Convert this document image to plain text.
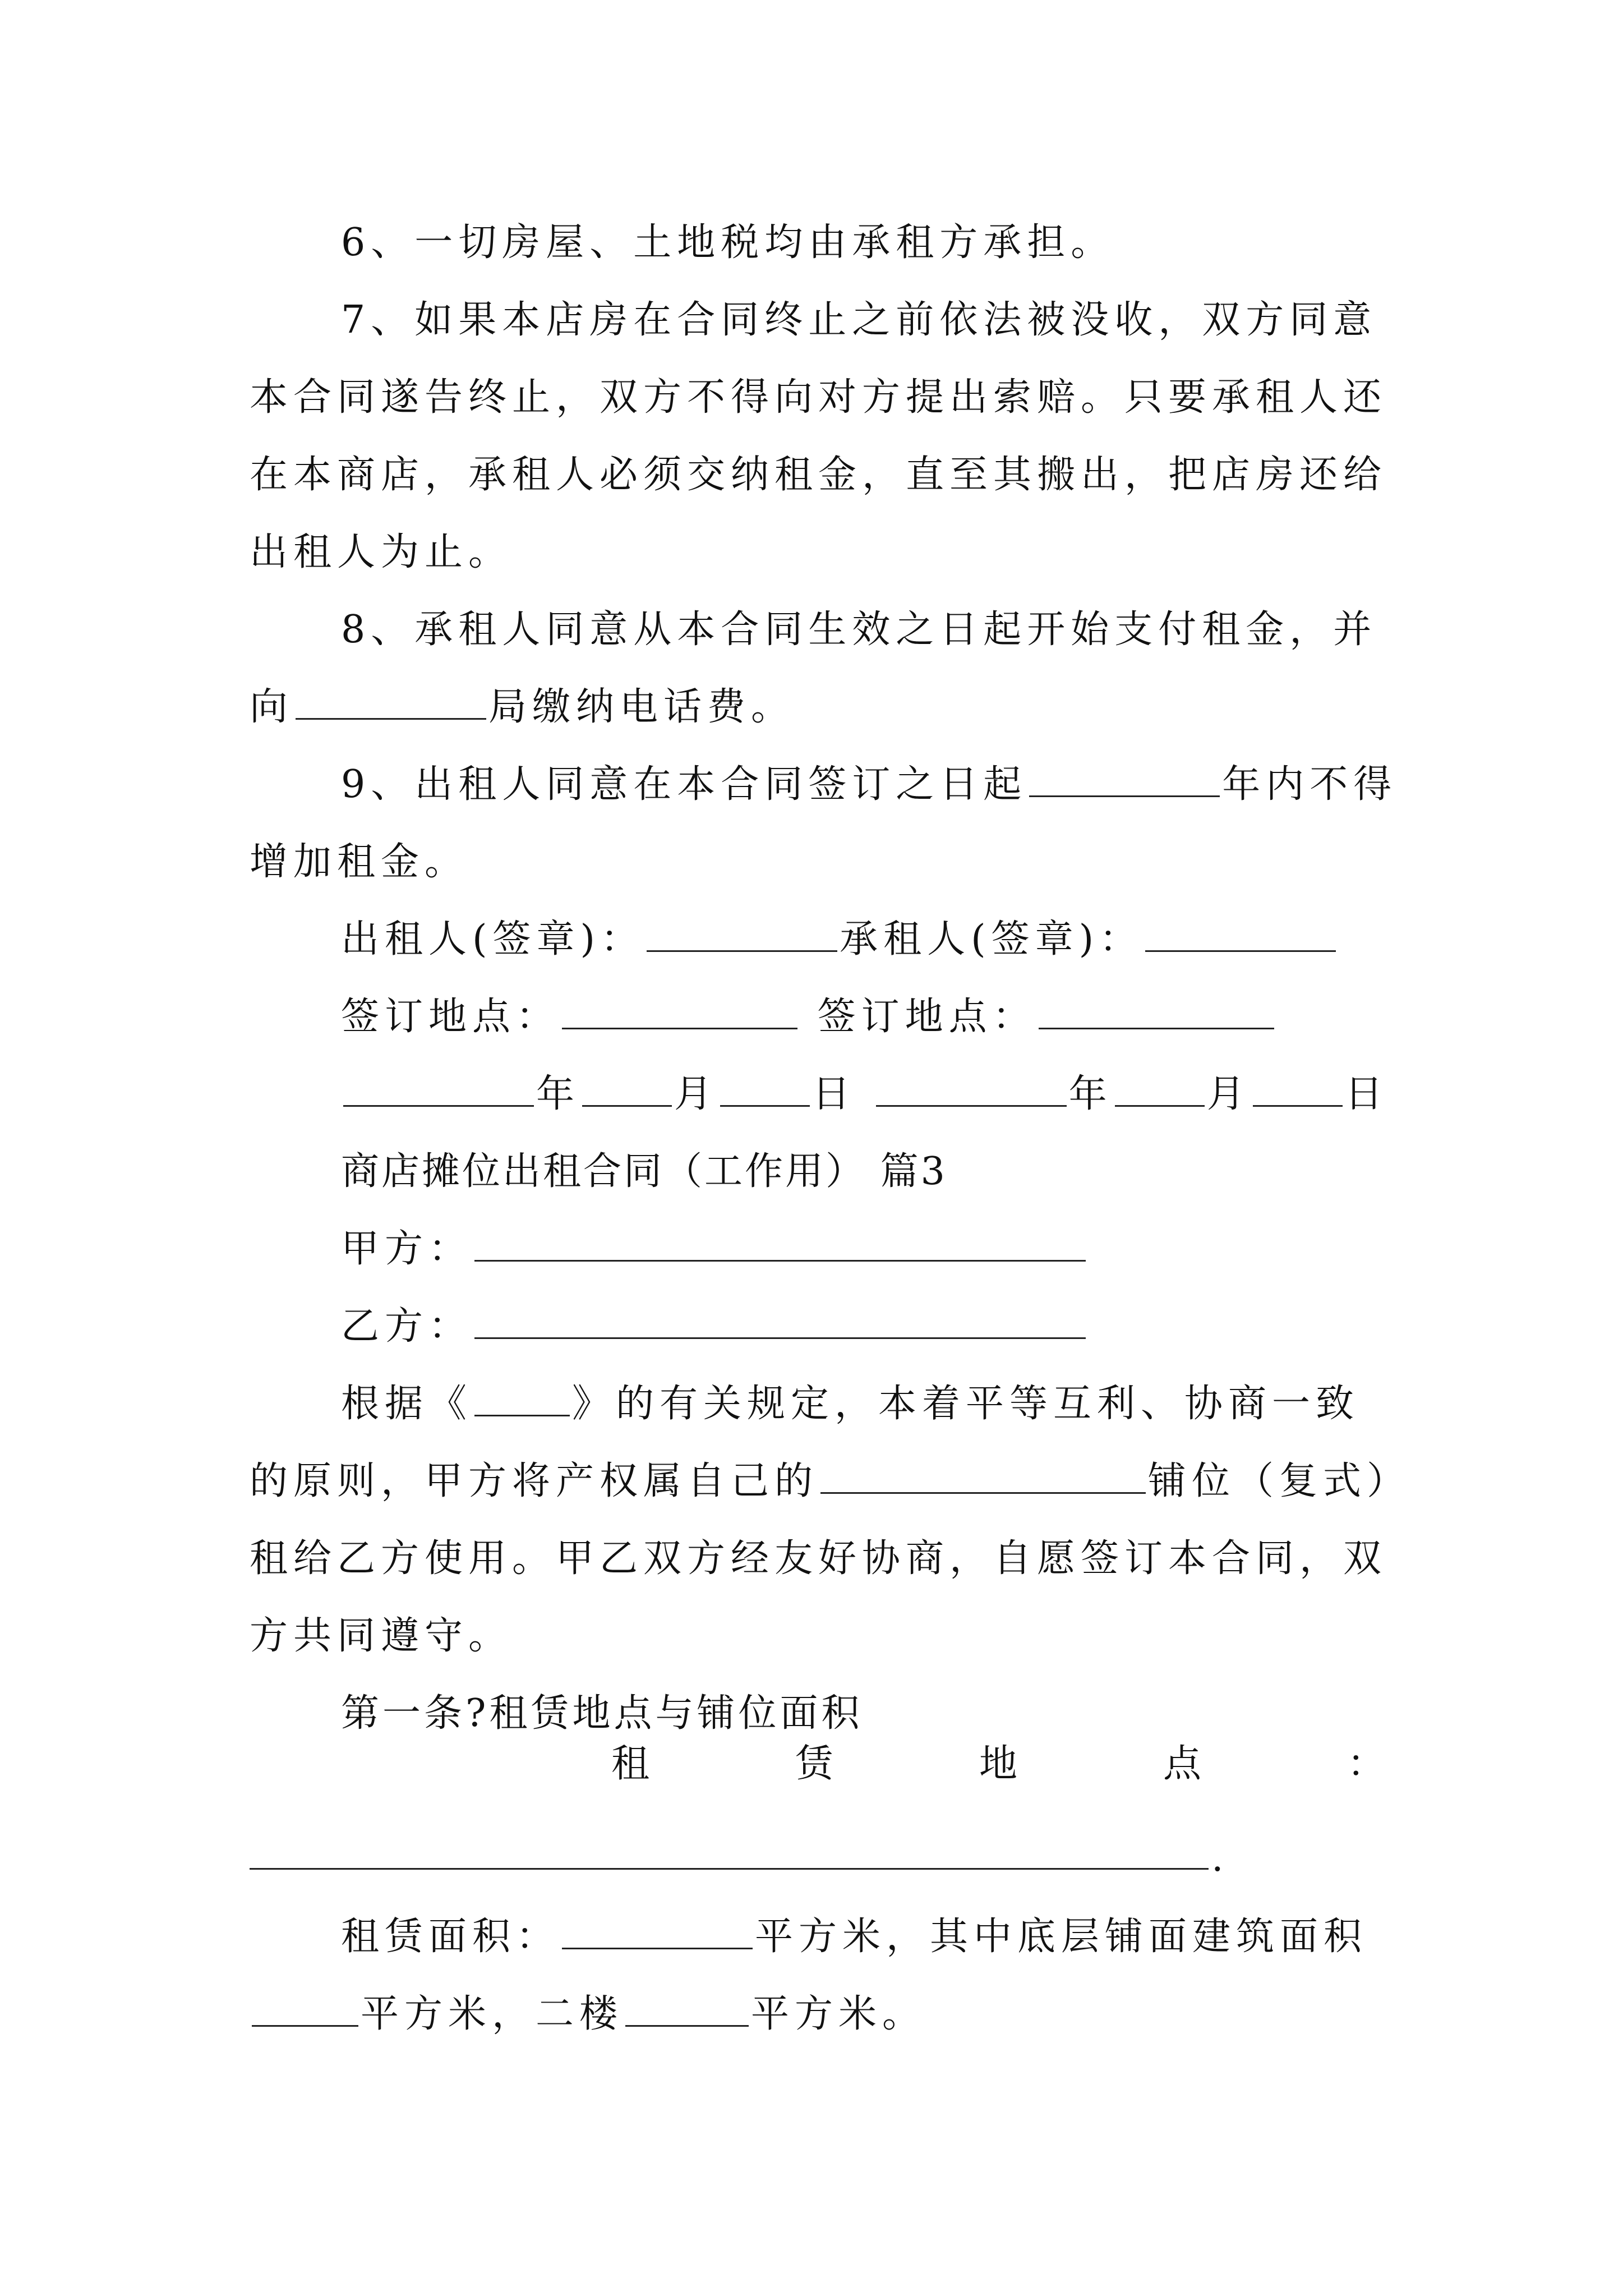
6、一切房屋、土地税均由承租方承担。
7、如果本店房在合同终止之前依法被没收，双方同意
本合同遂告终止，双方不得向对方提出索赔。只要承租人还
在本商店，承租人必须交纳租金，直至其搬出，把店房还给
出租人为止。
8、承租人同意从本合同生效之日起开始支付租金，并
向	局缴纳电话费。
9、出租人同意在本合同签订之日起	年内不得
增加租金。
出租人(签章)：	承租人(签章)：
签订地点：	签订地点：
年 月 日	年 月 日
商店摊位出租合同（工作用） 篇3
甲方：
乙方：
根据《	》的有关规定，本着平等互利、协商一致
的原则，甲方将产权属自己的	铺位（复式）
租给乙方使用。甲乙双方经友好协商，自愿签订本合同，双
方共同遵守。
第一条?租赁地点与铺位面积
租	赁	地	点	：
.
租赁面积：	平方米，其中底层铺面建筑面积
平方米，二楼	平方米。
